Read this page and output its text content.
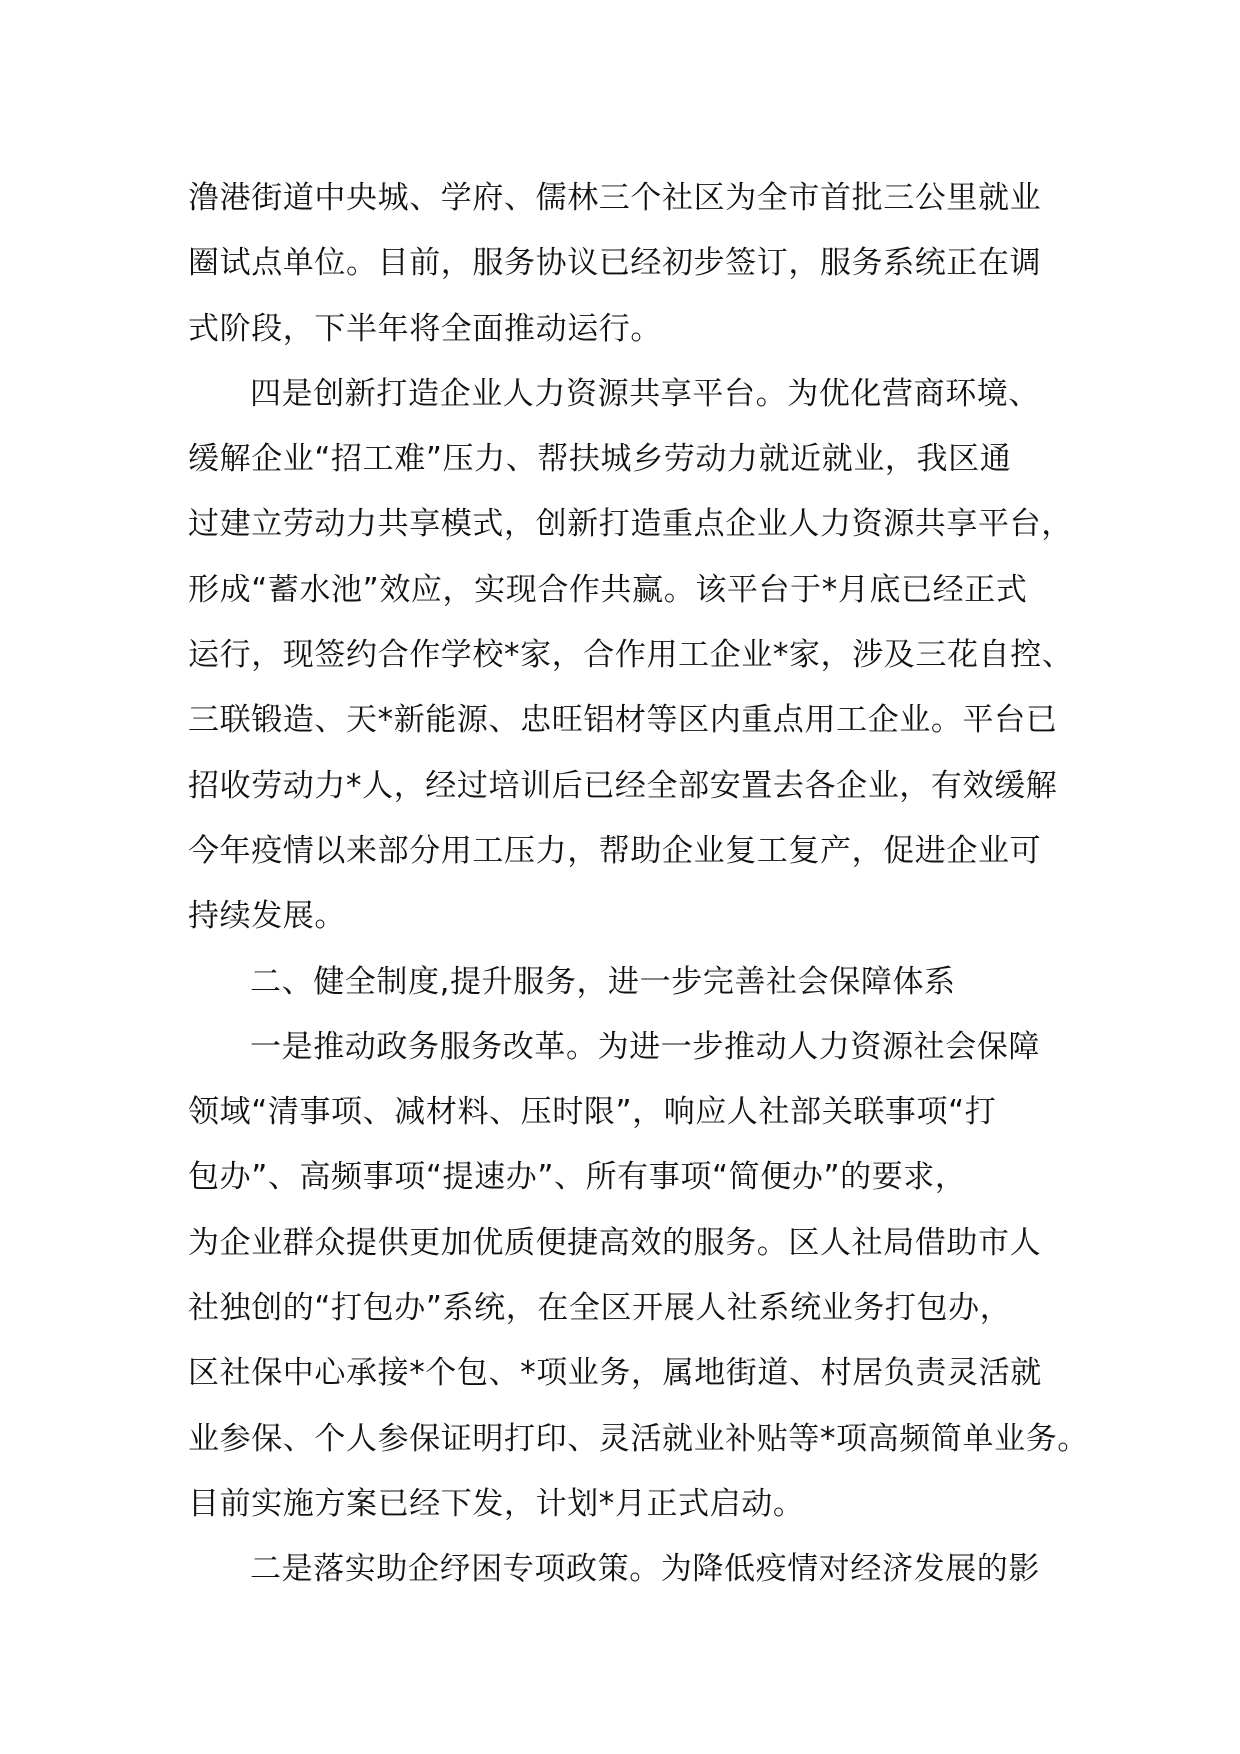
澛港街道中央城、学府、儒林三个社区为全市首批三公里就业
圈试点单位。目前，服务协议已经初步签订，服务系统正在调
式阶段，下半年将全面推动运行。
四是创新打造企业人力资源共享平台。为优化营商环境、
缓解企业“招工难”压力、帮扶城乡劳动力就近就业，我区通
过建立劳动力共享模式，创新打造重点企业人力资源共享平台，
形成“蓄水池”效应，实现合作共赢。该平台于*月底已经正式
运行，现签约合作学校*家，合作用工企业*家，涉及三花自控、
三联锻造、天*新能源、忠旺铝材等区内重点用工企业。平台已
招收劳动力*人，经过培训后已经全部安置去各企业，有效缓解
今年疫情以来部分用工压力，帮助企业复工复产，促进企业可
持续发展。
二、健全制度,提升服务，进一步完善社会保障体系
一是推动政务服务改革。为进一步推动人力资源社会保障
领域“清事项、减材料、压时限”，响应人社部关联事项“打
包办”、高频事项“提速办”、所有事项“简便办”的要求，
为企业群众提供更加优质便捷高效的服务。区人社局借助市人
社独创的“打包办”系统，在全区开展人社系统业务打包办，
区社保中心承接*个包、*项业务，属地街道、村居负责灵活就
业参保、个人参保证明打印、灵活就业补贴等*项高频简单业务。
目前实施方案已经下发，计划*月正式启动。
二是落实助企纾困专项政策。为降低疫情对经济发展的影
